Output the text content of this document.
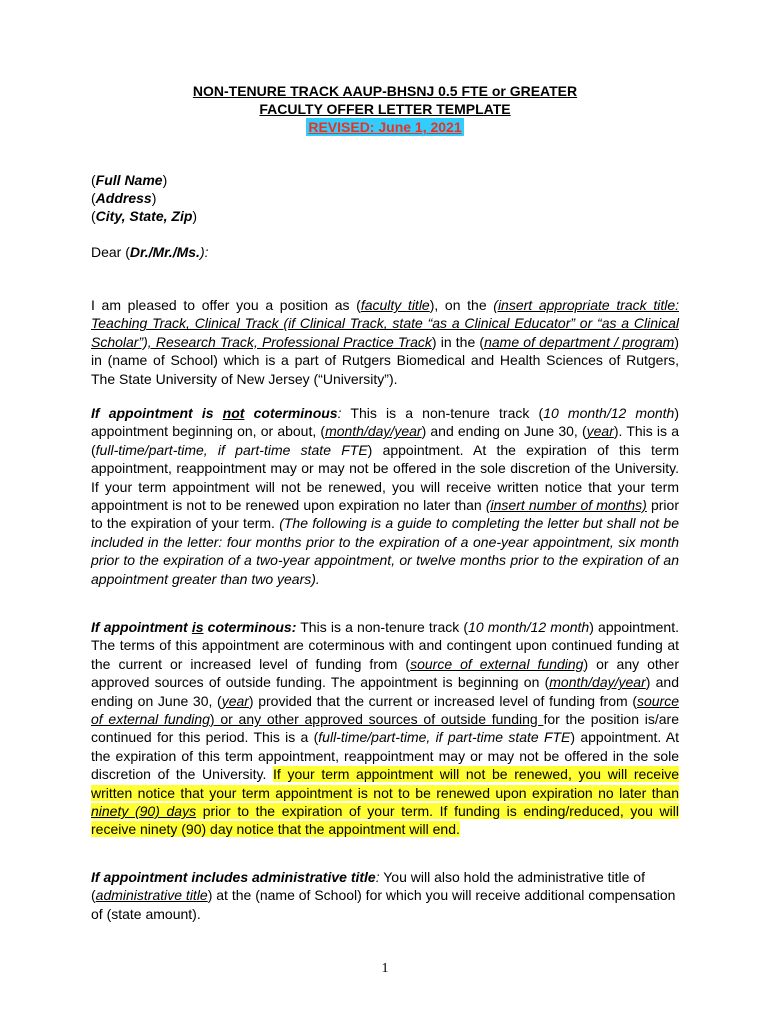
NON-TENURE TRACK AAUP-BHSNJ 0.5 FTE or GREATER
FACULTY OFFER LETTER TEMPLATE
REVISED: June 1, 2021
(Full Name)
(Address)
(City, State, Zip)
Dear (Dr./Mr./Ms.):
I am pleased to offer you a position as (faculty title), on the (insert appropriate track title: Teaching Track, Clinical Track (if Clinical Track, state “as a Clinical Educator” or “as a Clinical Scholar”), Research Track, Professional Practice Track) in the (name of department / program) in (name of School) which is a part of Rutgers Biomedical and Health Sciences of Rutgers, The State University of New Jersey (“University”).
If appointment is not coterminous: This is a non-tenure track (10 month/12 month) appointment beginning on, or about, (month/day/year) and ending on June 30, (year). This is a (full-time/part-time, if part-time state FTE) appointment. At the expiration of this term appointment, reappointment may or may not be offered in the sole discretion of the University. If your term appointment will not be renewed, you will receive written notice that your term appointment is not to be renewed upon expiration no later than (insert number of months) prior to the expiration of your term. (The following is a guide to completing the letter but shall not be included in the letter: four months prior to the expiration of a one-year appointment, six month prior to the expiration of a two-year appointment, or twelve months prior to the expiration of an appointment greater than two years).
If appointment is coterminous: This is a non-tenure track (10 month/12 month) appointment. The terms of this appointment are coterminous with and contingent upon continued funding at the current or increased level of funding from (source of external funding) or any other approved sources of outside funding. The appointment is beginning on (month/day/year) and ending on June 30, (year) provided that the current or increased level of funding from (source of external funding) or any other approved sources of outside funding for the position is/are continued for this period. This is a (full-time/part-time, if part-time state FTE) appointment. At the expiration of this term appointment, reappointment may or may not be offered in the sole discretion of the University. If your term appointment will not be renewed, you will receive written notice that your term appointment is not to be renewed upon expiration no later than ninety (90) days prior to the expiration of your term. If funding is ending/reduced, you will receive ninety (90) day notice that the appointment will end.
If appointment includes administrative title: You will also hold the administrative title of (administrative title) at the (name of School) for which you will receive additional compensation of (state amount).
1
